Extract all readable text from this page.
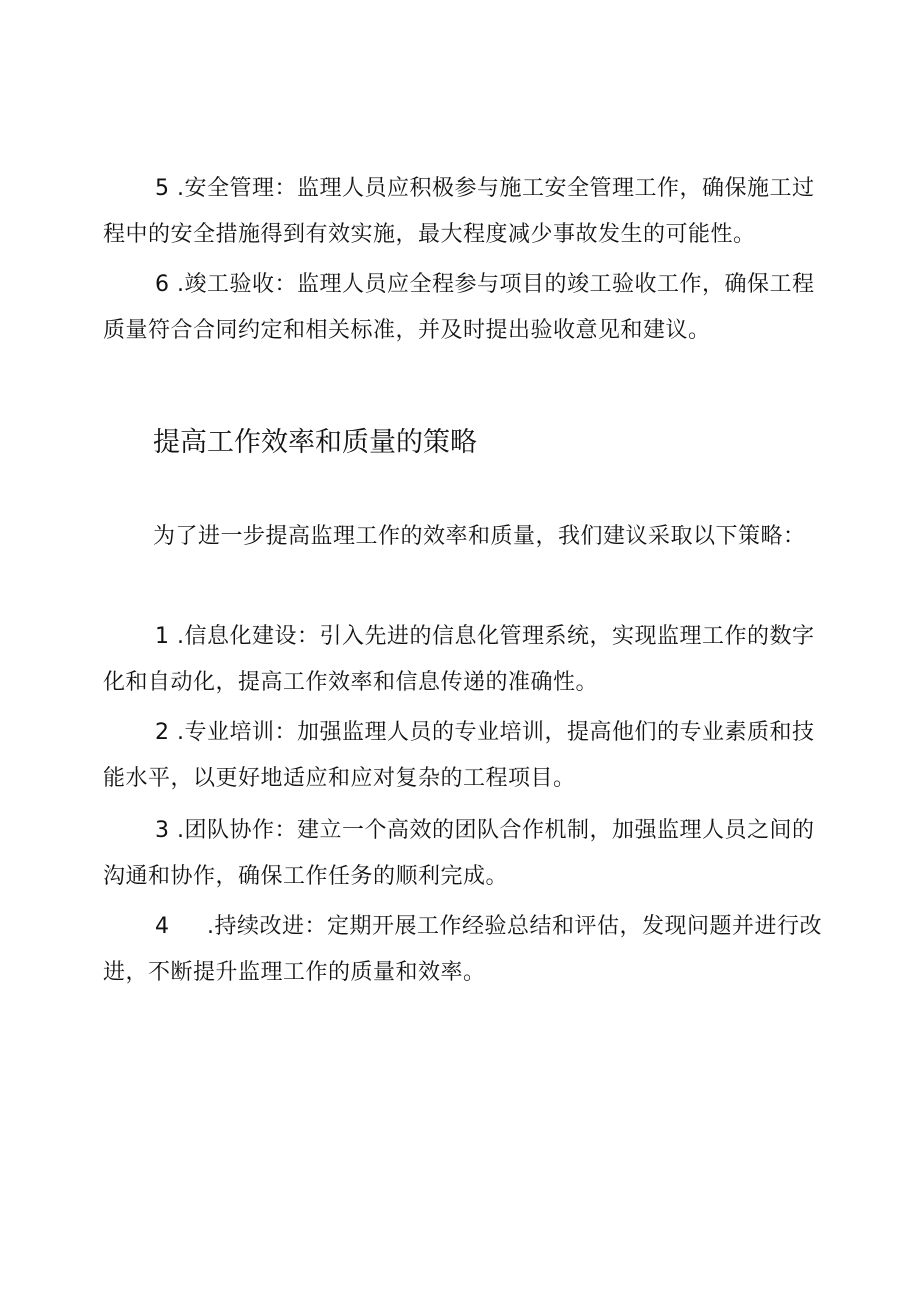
5 .安全管理：监理人员应积极参与施工安全管理工作，确保施工过程中的安全措施得到有效实施，最大程度减少事故发生的可能性。

6 .竣工验收：监理人员应全程参与项目的竣工验收工作，确保工程质量符合合同约定和相关标准，并及时提出验收意见和建议。

提高工作效率和质量的策略

为了进一步提高监理工作的效率和质量，我们建议采取以下策略：

1 .信息化建设：引入先进的信息化管理系统，实现监理工作的数字化和自动化，提高工作效率和信息传递的准确性。

2 .专业培训：加强监理人员的专业培训，提高他们的专业素质和技能水平，以更好地适应和应对复杂的工程项目。

3 .团队协作：建立一个高效的团队合作机制，加强监理人员之间的沟通和协作，确保工作任务的顺利完成。

4 .持续改进：定期开展工作经验总结和评估，发现问题并进行改进，不断提升监理工作的质量和效率。
